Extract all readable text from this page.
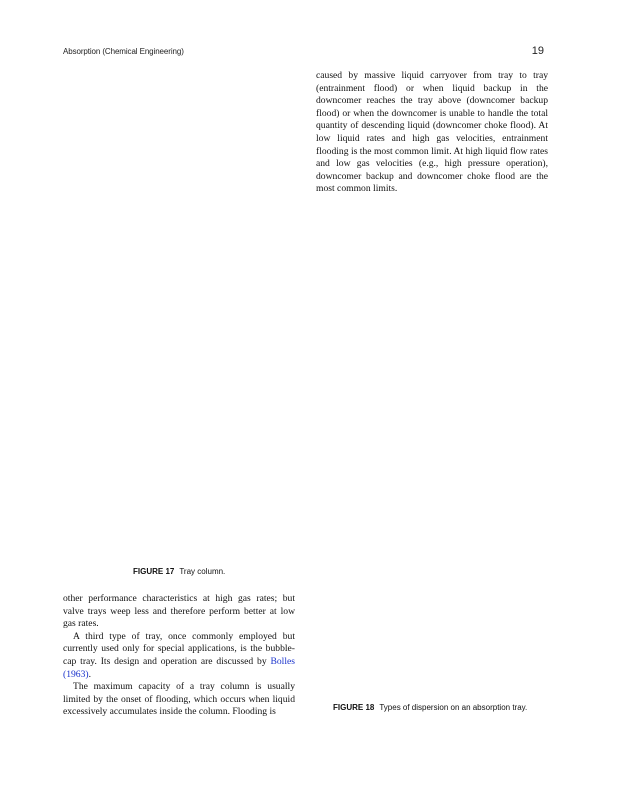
Absorption (Chemical Engineering)	19

caused by massive liquid carryover from tray to tray (entrainment flood) or when liquid backup in the downcomer reaches the tray above (downcomer backup flood) or when the downcomer is unable to handle the total quantity of descending liquid (downcomer choke flood). At low liquid rates and high gas velocities, entrainment flooding is the most common limit. At high liquid flow rates and low gas velocities (e.g., high pressure operation), downcomer backup and downcomer choke flood are the most common limits.

FIGURE 17 Tray column.

other performance characteristics at high gas rates; but valve trays weep less and therefore perform better at low gas rates.

A third type of tray, once commonly employed but currently used only for special applications, is the bubble-cap tray. Its design and operation are discussed by Bolles (1963).

The maximum capacity of a tray column is usually limited by the onset of flooding, which occurs when liquid excessively accumulates inside the column. Flooding is	FIGURE 18 Types of dispersion on an absorption tray.
